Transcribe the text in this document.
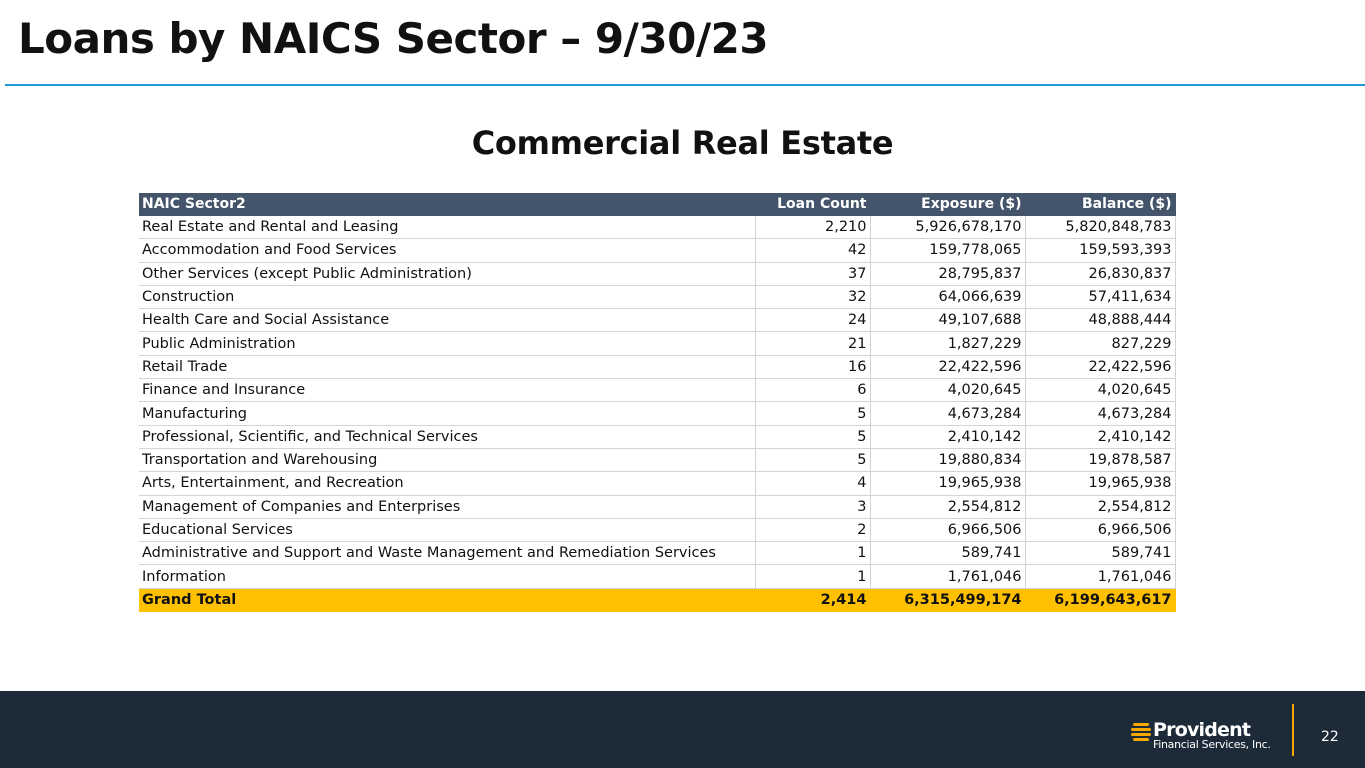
Loans by NAICS Sector – 9/30/23
Commercial Real Estate
NAIC Sector2	Loan Count	Exposure ($)	Balance ($)
Real Estate and Rental and Leasing	2,210	5,926,678,170	5,820,848,783
Accommodation and Food Services	42	159,778,065	159,593,393
Other Services (except Public Administration)	37	28,795,837	26,830,837
Construction	32	64,066,639	57,411,634
Health Care and Social Assistance	24	49,107,688	48,888,444
Public Administration	21	1,827,229	827,229
Retail Trade	16	22,422,596	22,422,596
Finance and Insurance	6	4,020,645	4,020,645
Manufacturing	5	4,673,284	4,673,284
Professional, Scientific, and Technical Services	5	2,410,142	2,410,142
Transportation and Warehousing	5	19,880,834	19,878,587
Arts, Entertainment, and Recreation	4	19,965,938	19,965,938
Management of Companies and Enterprises	3	2,554,812	2,554,812
Educational Services	2	6,966,506	6,966,506
Administrative and Support and Waste Management and Remediation Services	1	589,741	589,741
Information	1	1,761,046	1,761,046
Grand Total	2,414	6,315,499,174	6,199,643,617
Provident
Financial Services, Inc.	22
